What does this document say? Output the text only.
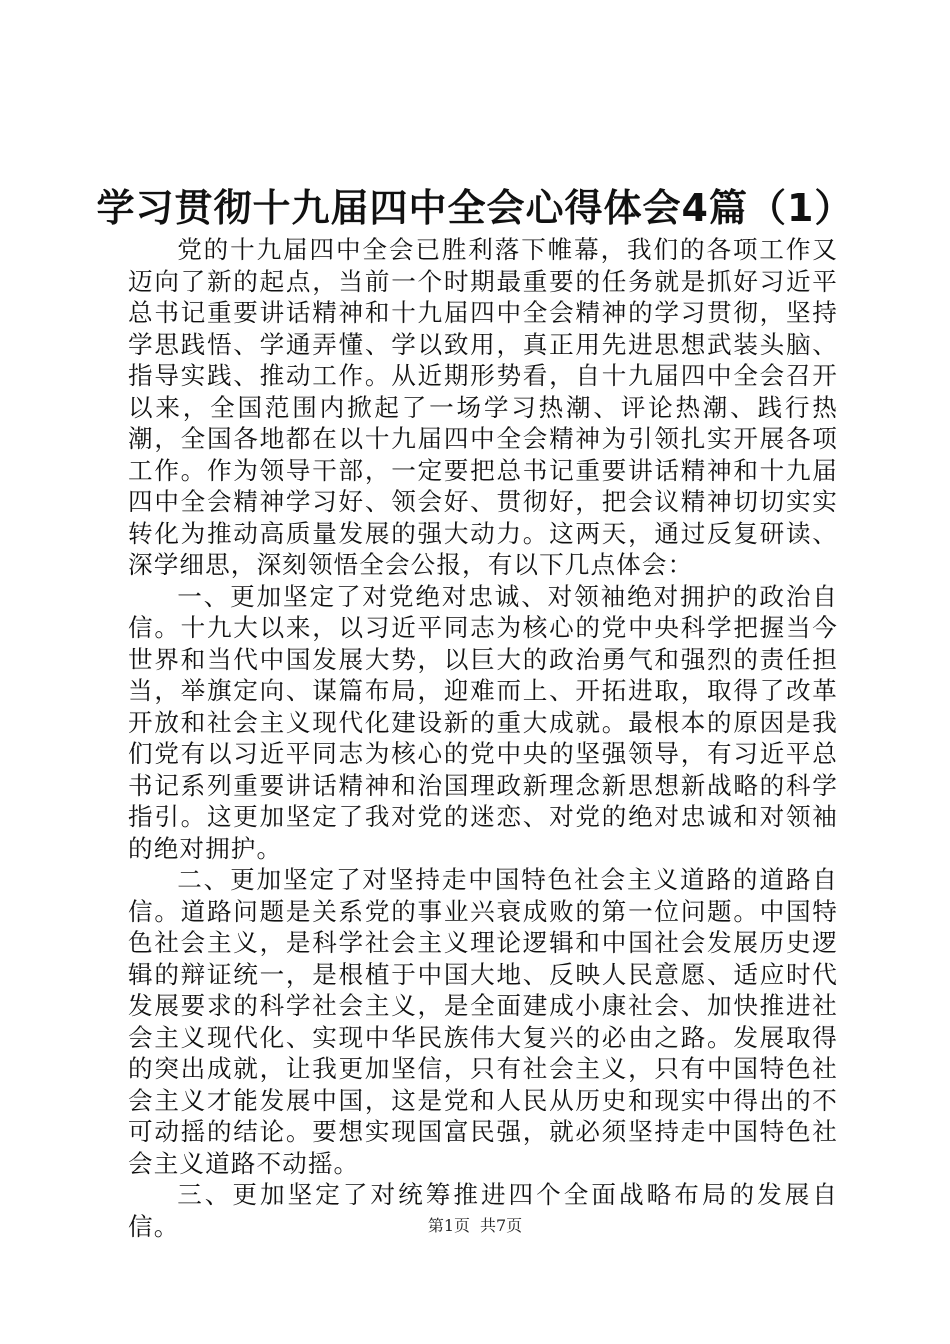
学习贯彻十九届四中全会心得体会4篇（1）

党的十九届四中全会已胜利落下帷幕，我们的各项工作又迈向了新的起点，当前一个时期最重要的任务就是抓好习近平总书记重要讲话精神和十九届四中全会精神的学习贯彻，坚持学思践悟、学通弄懂、学以致用，真正用先进思想武装头脑、指导实践、推动工作。从近期形势看，自十九届四中全会召开以来，全国范围内掀起了一场学习热潮、评论热潮、践行热潮，全国各地都在以十九届四中全会精神为引领扎实开展各项工作。作为领导干部，一定要把总书记重要讲话精神和十九届四中全会精神学习好、领会好、贯彻好，把会议精神切切实实转化为推动高质量发展的强大动力。这两天，通过反复研读、深学细思，深刻领悟全会公报，有以下几点体会：

一、更加坚定了对党绝对忠诚、对领袖绝对拥护的政治自信。十九大以来，以习近平同志为核心的党中央科学把握当今世界和当代中国发展大势，以巨大的政治勇气和强烈的责任担当，举旗定向、谋篇布局，迎难而上、开拓进取，取得了改革开放和社会主义现代化建设新的重大成就。最根本的原因是我们党有以习近平同志为核心的党中央的坚强领导，有习近平总书记系列重要讲话精神和治国理政新理念新思想新战略的科学指引。这更加坚定了我对党的迷恋、对党的绝对忠诚和对领袖的绝对拥护。

二、更加坚定了对坚持走中国特色社会主义道路的道路自信。道路问题是关系党的事业兴衰成败的第一位问题。中国特色社会主义，是科学社会主义理论逻辑和中国社会发展历史逻辑的辩证统一，是根植于中国大地、反映人民意愿、适应时代发展要求的科学社会主义，是全面建成小康社会、加快推进社会主义现代化、实现中华民族伟大复兴的必由之路。发展取得的突出成就，让我更加坚信，只有社会主义，只有中国特色社会主义才能发展中国，这是党和人民从历史和现实中得出的不可动摇的结论。要想实现国富民强，就必须坚持走中国特色社会主义道路不动摇。

三、更加坚定了对统筹推进四个全面战略布局的发展自信。	第1页 共7页
